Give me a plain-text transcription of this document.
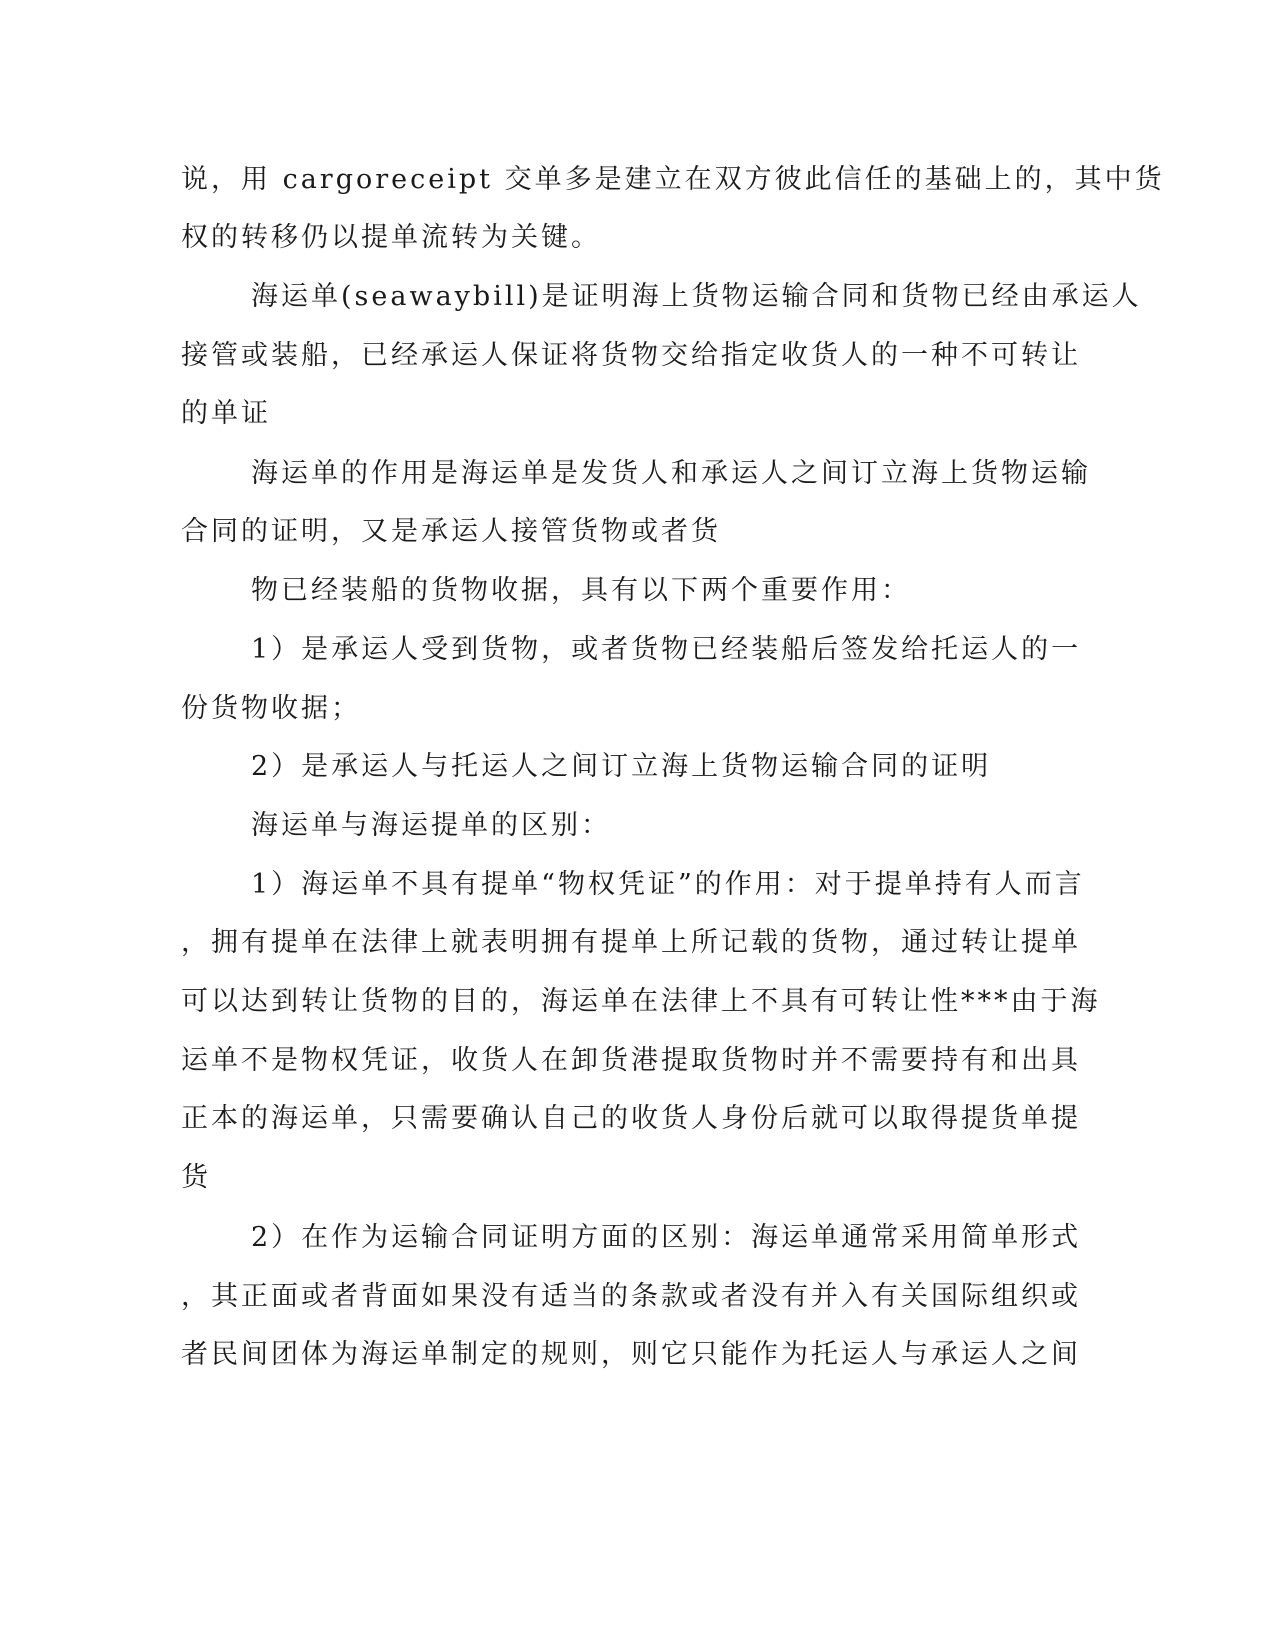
说，用 cargoreceipt 交单多是建立在双方彼此信任的基础上的，其中货
权的转移仍以提单流转为关键。
海运单(seawaybill)是证明海上货物运输合同和货物已经由承运人
接管或装船，已经承运人保证将货物交给指定收货人的一种不可转让
的单证
海运单的作用是海运单是发货人和承运人之间订立海上货物运输
合同的证明，又是承运人接管货物或者货
物已经装船的货物收据，具有以下两个重要作用：
1）是承运人受到货物，或者货物已经装船后签发给托运人的一
份货物收据；
2）是承运人与托运人之间订立海上货物运输合同的证明
海运单与海运提单的区别：
1）海运单不具有提单“物权凭证”的作用：对于提单持有人而言
，拥有提单在法律上就表明拥有提单上所记载的货物，通过转让提单
可以达到转让货物的目的，海运单在法律上不具有可转让性***由于海
运单不是物权凭证，收货人在卸货港提取货物时并不需要持有和出具
正本的海运单，只需要确认自己的收货人身份后就可以取得提货单提
货
2）在作为运输合同证明方面的区别：海运单通常采用简单形式
，其正面或者背面如果没有适当的条款或者没有并入有关国际组织或
者民间团体为海运单制定的规则，则它只能作为托运人与承运人之间
